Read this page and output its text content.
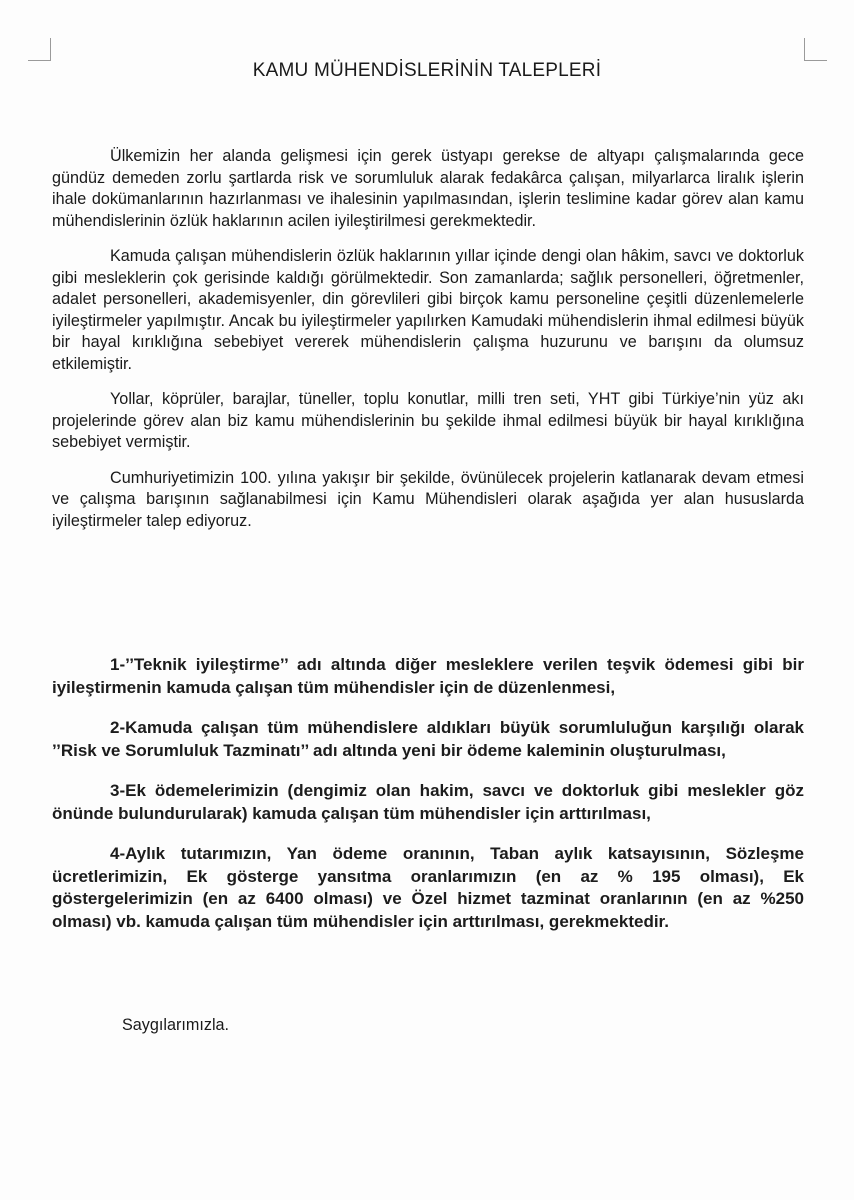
KAMU MÜHENDİSLERİNİN TALEPLERİ

Ülkemizin her alanda gelişmesi için gerek üstyapı gerekse de altyapı çalışmalarında gece gündüz demeden zorlu şartlarda risk ve sorumluluk alarak fedakârca çalışan, milyarlarca liralık işlerin ihale dokümanlarının hazırlanması ve ihalesinin yapılmasından, işlerin teslimine kadar görev alan kamu mühendislerinin özlük haklarının acilen iyileştirilmesi gerekmektedir.

Kamuda çalışan mühendislerin özlük haklarının yıllar içinde dengi olan hâkim, savcı ve doktorluk gibi mesleklerin çok gerisinde kaldığı görülmektedir. Son zamanlarda; sağlık personelleri, öğretmenler, adalet personelleri, akademisyenler, din görevlileri gibi birçok kamu personeline çeşitli düzenlemelerle iyileştirmeler yapılmıştır. Ancak bu iyileştirmeler yapılırken Kamudaki mühendislerin ihmal edilmesi büyük bir hayal kırıklığına sebebiyet vererek mühendislerin çalışma huzurunu ve barışını da olumsuz etkilemiştir.

Yollar, köprüler, barajlar, tüneller, toplu konutlar, milli tren seti, YHT gibi Türkiye’nin yüz akı projelerinde görev alan biz kamu mühendislerinin bu şekilde ihmal edilmesi büyük bir hayal kırıklığına sebebiyet vermiştir.

Cumhuriyetimizin 100. yılına yakışır bir şekilde, övünülecek projelerin katlanarak devam etmesi ve çalışma barışının sağlanabilmesi için Kamu Mühendisleri olarak aşağıda yer alan hususlarda iyileştirmeler talep ediyoruz.

1-’’Teknik iyileştirme’’ adı altında diğer mesleklere verilen teşvik ödemesi gibi bir iyileştirmenin kamuda çalışan tüm mühendisler için de düzenlenmesi,

2-Kamuda çalışan tüm mühendislere aldıkları büyük sorumluluğun karşılığı olarak ’’Risk ve Sorumluluk Tazminatı’’ adı altında yeni bir ödeme kaleminin oluşturulması,

3-Ek ödemelerimizin (dengimiz olan hakim, savcı ve doktorluk gibi meslekler göz önünde bulundurularak) kamuda çalışan tüm mühendisler için arttırılması,

4-Aylık tutarımızın, Yan ödeme oranının, Taban aylık katsayısının, Sözleşme ücretlerimizin, Ek gösterge yansıtma oranlarımızın (en az % 195 olması), Ek göstergelerimizin (en az 6400 olması) ve Özel hizmet tazminat oranlarının (en az %250 olması) vb. kamuda çalışan tüm mühendisler için arttırılması, gerekmektedir.

Saygılarımızla.
